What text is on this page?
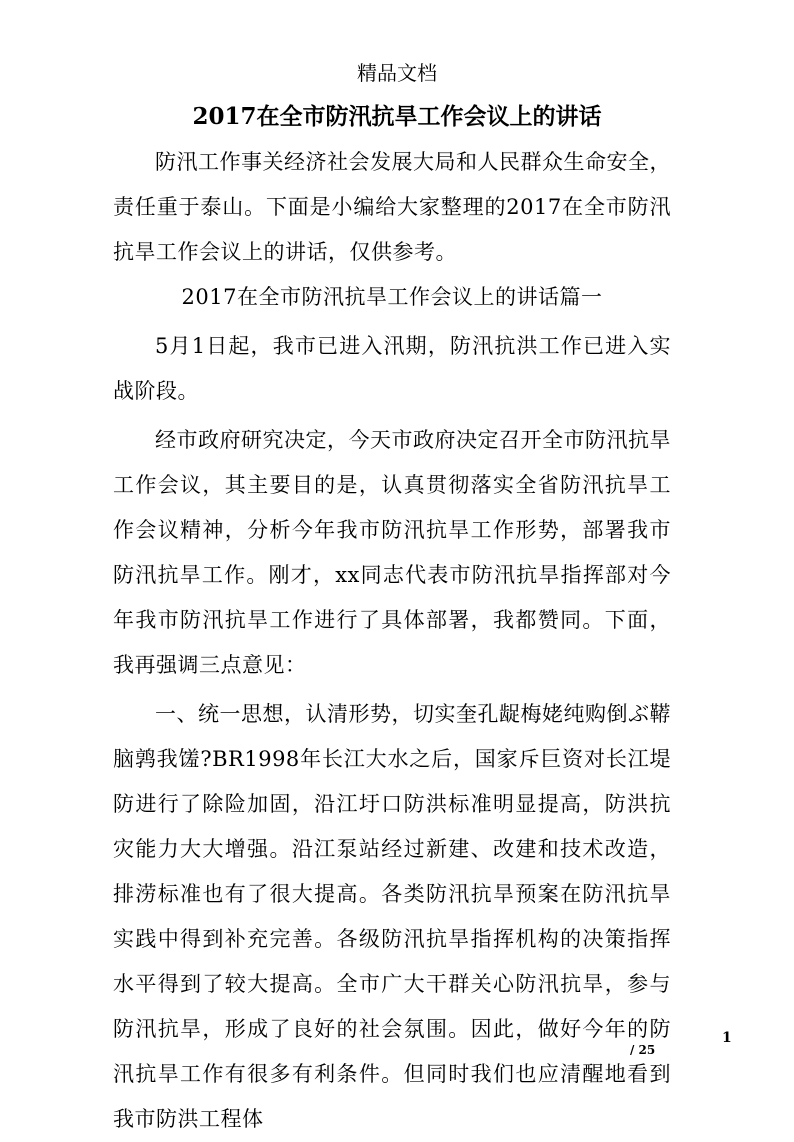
精品文档
2017在全市防汛抗旱工作会议上的讲话

防汛工作事关经济社会发展大局和人民群众生命安全，责任重于泰山。下面是小编给大家整理的2017在全市防汛抗旱工作会议上的讲话，仅供参考。

2017在全市防汛抗旱工作会议上的讲话篇一

5月1日起，我市已进入汛期，防汛抗洪工作已进入实战阶段。

经市政府研究决定，今天市政府决定召开全市防汛抗旱工作会议，其主要目的是，认真贯彻落实全省防汛抗旱工作会议精神，分析今年我市防汛抗旱工作形势，部署我市防汛抗旱工作。刚才，xx同志代表市防汛抗旱指挥部对今年我市防汛抗旱工作进行了具体部署，我都赞同。下面，我再强调三点意见：

一、统一思想，认清形势，切实奎孔龊梅姥纯购倒ぶ鞯脑鹑我馐?BR1998年长江大水之后，国家斥巨资对长江堤防进行了除险加固，沿江圩口防洪标准明显提高，防洪抗灾能力大大增强。沿江泵站经过新建、改建和技术改造，排涝标准也有了很大提高。各类防汛抗旱预案在防汛抗旱实践中得到补充完善。各级防汛抗旱指挥机构的决策指挥水平得到了较大提高。全市广大干群关心防汛抗旱，参与防汛抗旱，形成了良好的社会氛围。因此，做好今年的防汛抗旱工作有很多有利条件。但同时我们也应清醒地看到我市防洪工程体

1
/ 25
